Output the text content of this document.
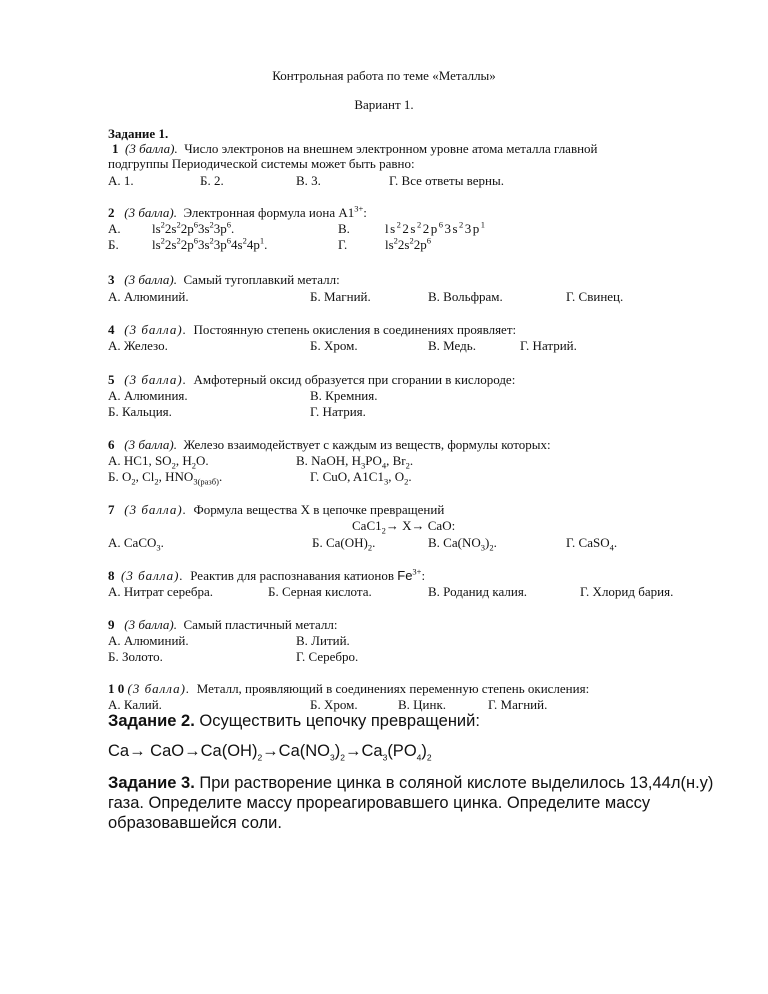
Контрольная работа по теме «Металлы»
Вариант 1.
Задание 1.
1 (3 балла). Число электронов на внешнем электронном уровне атома металла главной
подгруппы Периодической системы может быть равно:
А. 1.	Б. 2.	В. 3.	Г. Все ответы верны.
2 (3 балла). Электронная формула иона $A1^{3+}$:
А. $ls^22s^22p^63s^23p^6$.	В.	$ls^22s^22p^63s^23p^1$
Б.	$ls^22s^22p^63s^23p^64s^24p^1$.	Г.	$ls^22s^22p^6$
3 (3 балла). Самый тугоплавкий металл:
А. Алюминий.	Б. Магний.	В. Вольфрам.	Г. Свинец.
4 (3 балла). Постоянную степень окисления в соединениях проявляет:
А. Железо.	Б. Хром.	В. Медь.	Г. Натрий.
5 (3 балла). Амфотерный оксид образуется при сгорании в кислороде:
А. Алюминия.	В. Кремния.
Б. Кальция.	Г. Натрия.
6 (3 балла). Железо взаимодействует с каждым из веществ, формулы которых:
А. HC1, $SO_2$, $H_2O$.	В. NaOH, $H_3PO_4$, $Br_2$.
Б. $O_2$, $Cl_2$, $HNO_{3(разб)}$.	Г. CuO, $A1C1_3$, $O_2$.
7 (3 балла). Формула вещества Х в цепочке превращений
$CaC1_2\to X\to$ CaO:
А. CaCO$_3$.	Б. $Ca(OH)_2$.	В. $Ca(NO_3)_2$.	Г. CaSO$_4$.
8 (3 балла). Реактив для распознавания катионов $Fe^{3+}$:
А. Нитрат серебра.	Б. Серная кислота.	В. Роданид калия.	Г. Хлорид бария.
9 (3 балла). Самый пластичный металл:
А. Алюминий.	В. Литий.
Б. Золото.	Г. Серебро.
1 0 (3 балла). Металл, проявляющий в соединениях переменную степень окисления:
А. Калий.	Б. Хром.	В. Цинк.	Г. Магний.
Задание 2. Осуществить цепочку превращений:
$Ca\to CaO\to Ca(OH)_2\to Ca(NO_3)_2\to Ca_3(PO_4)_2$
Задание 3. При растворение цинка в соляной кислоте выделилось 13,44л(н.у)
газа. Определите массу прореагировавшего цинка. Определите массу
образовавшейся соли.
